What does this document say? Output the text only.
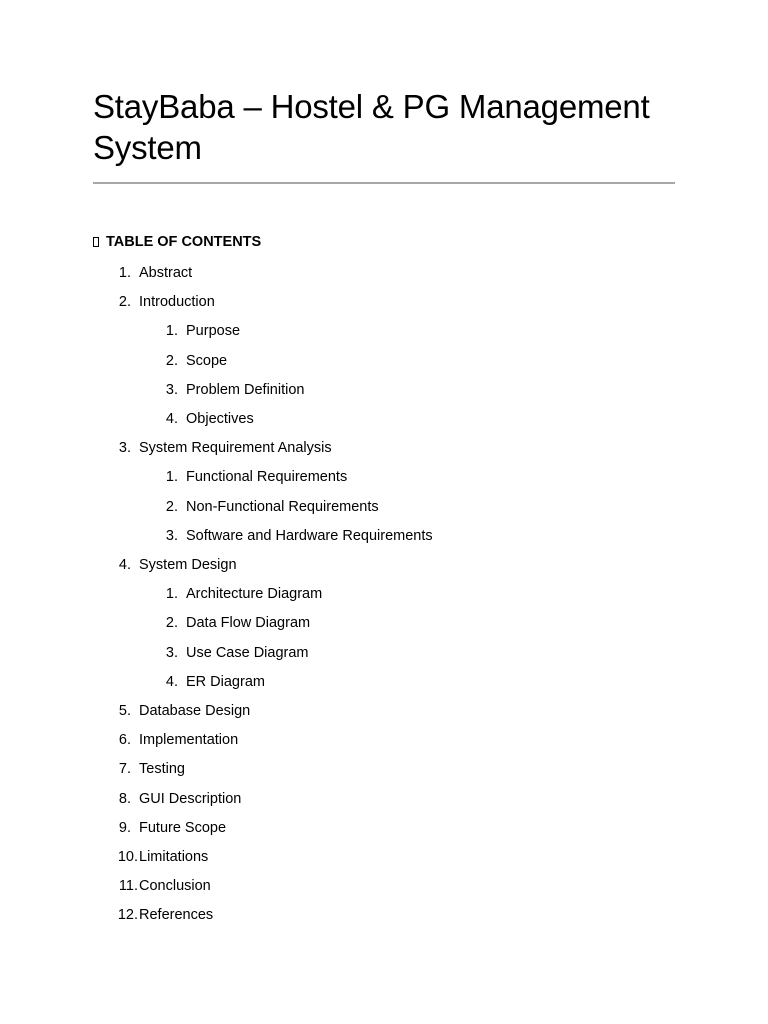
StayBaba – Hostel & PG Management System
TABLE OF CONTENTS
1. Abstract
2. Introduction
1. Purpose
2. Scope
3. Problem Definition
4. Objectives
3. System Requirement Analysis
1. Functional Requirements
2. Non-Functional Requirements
3. Software and Hardware Requirements
4. System Design
1. Architecture Diagram
2. Data Flow Diagram
3. Use Case Diagram
4. ER Diagram
5. Database Design
6. Implementation
7. Testing
8. GUI Description
9. Future Scope
10. Limitations
11. Conclusion
12. References
